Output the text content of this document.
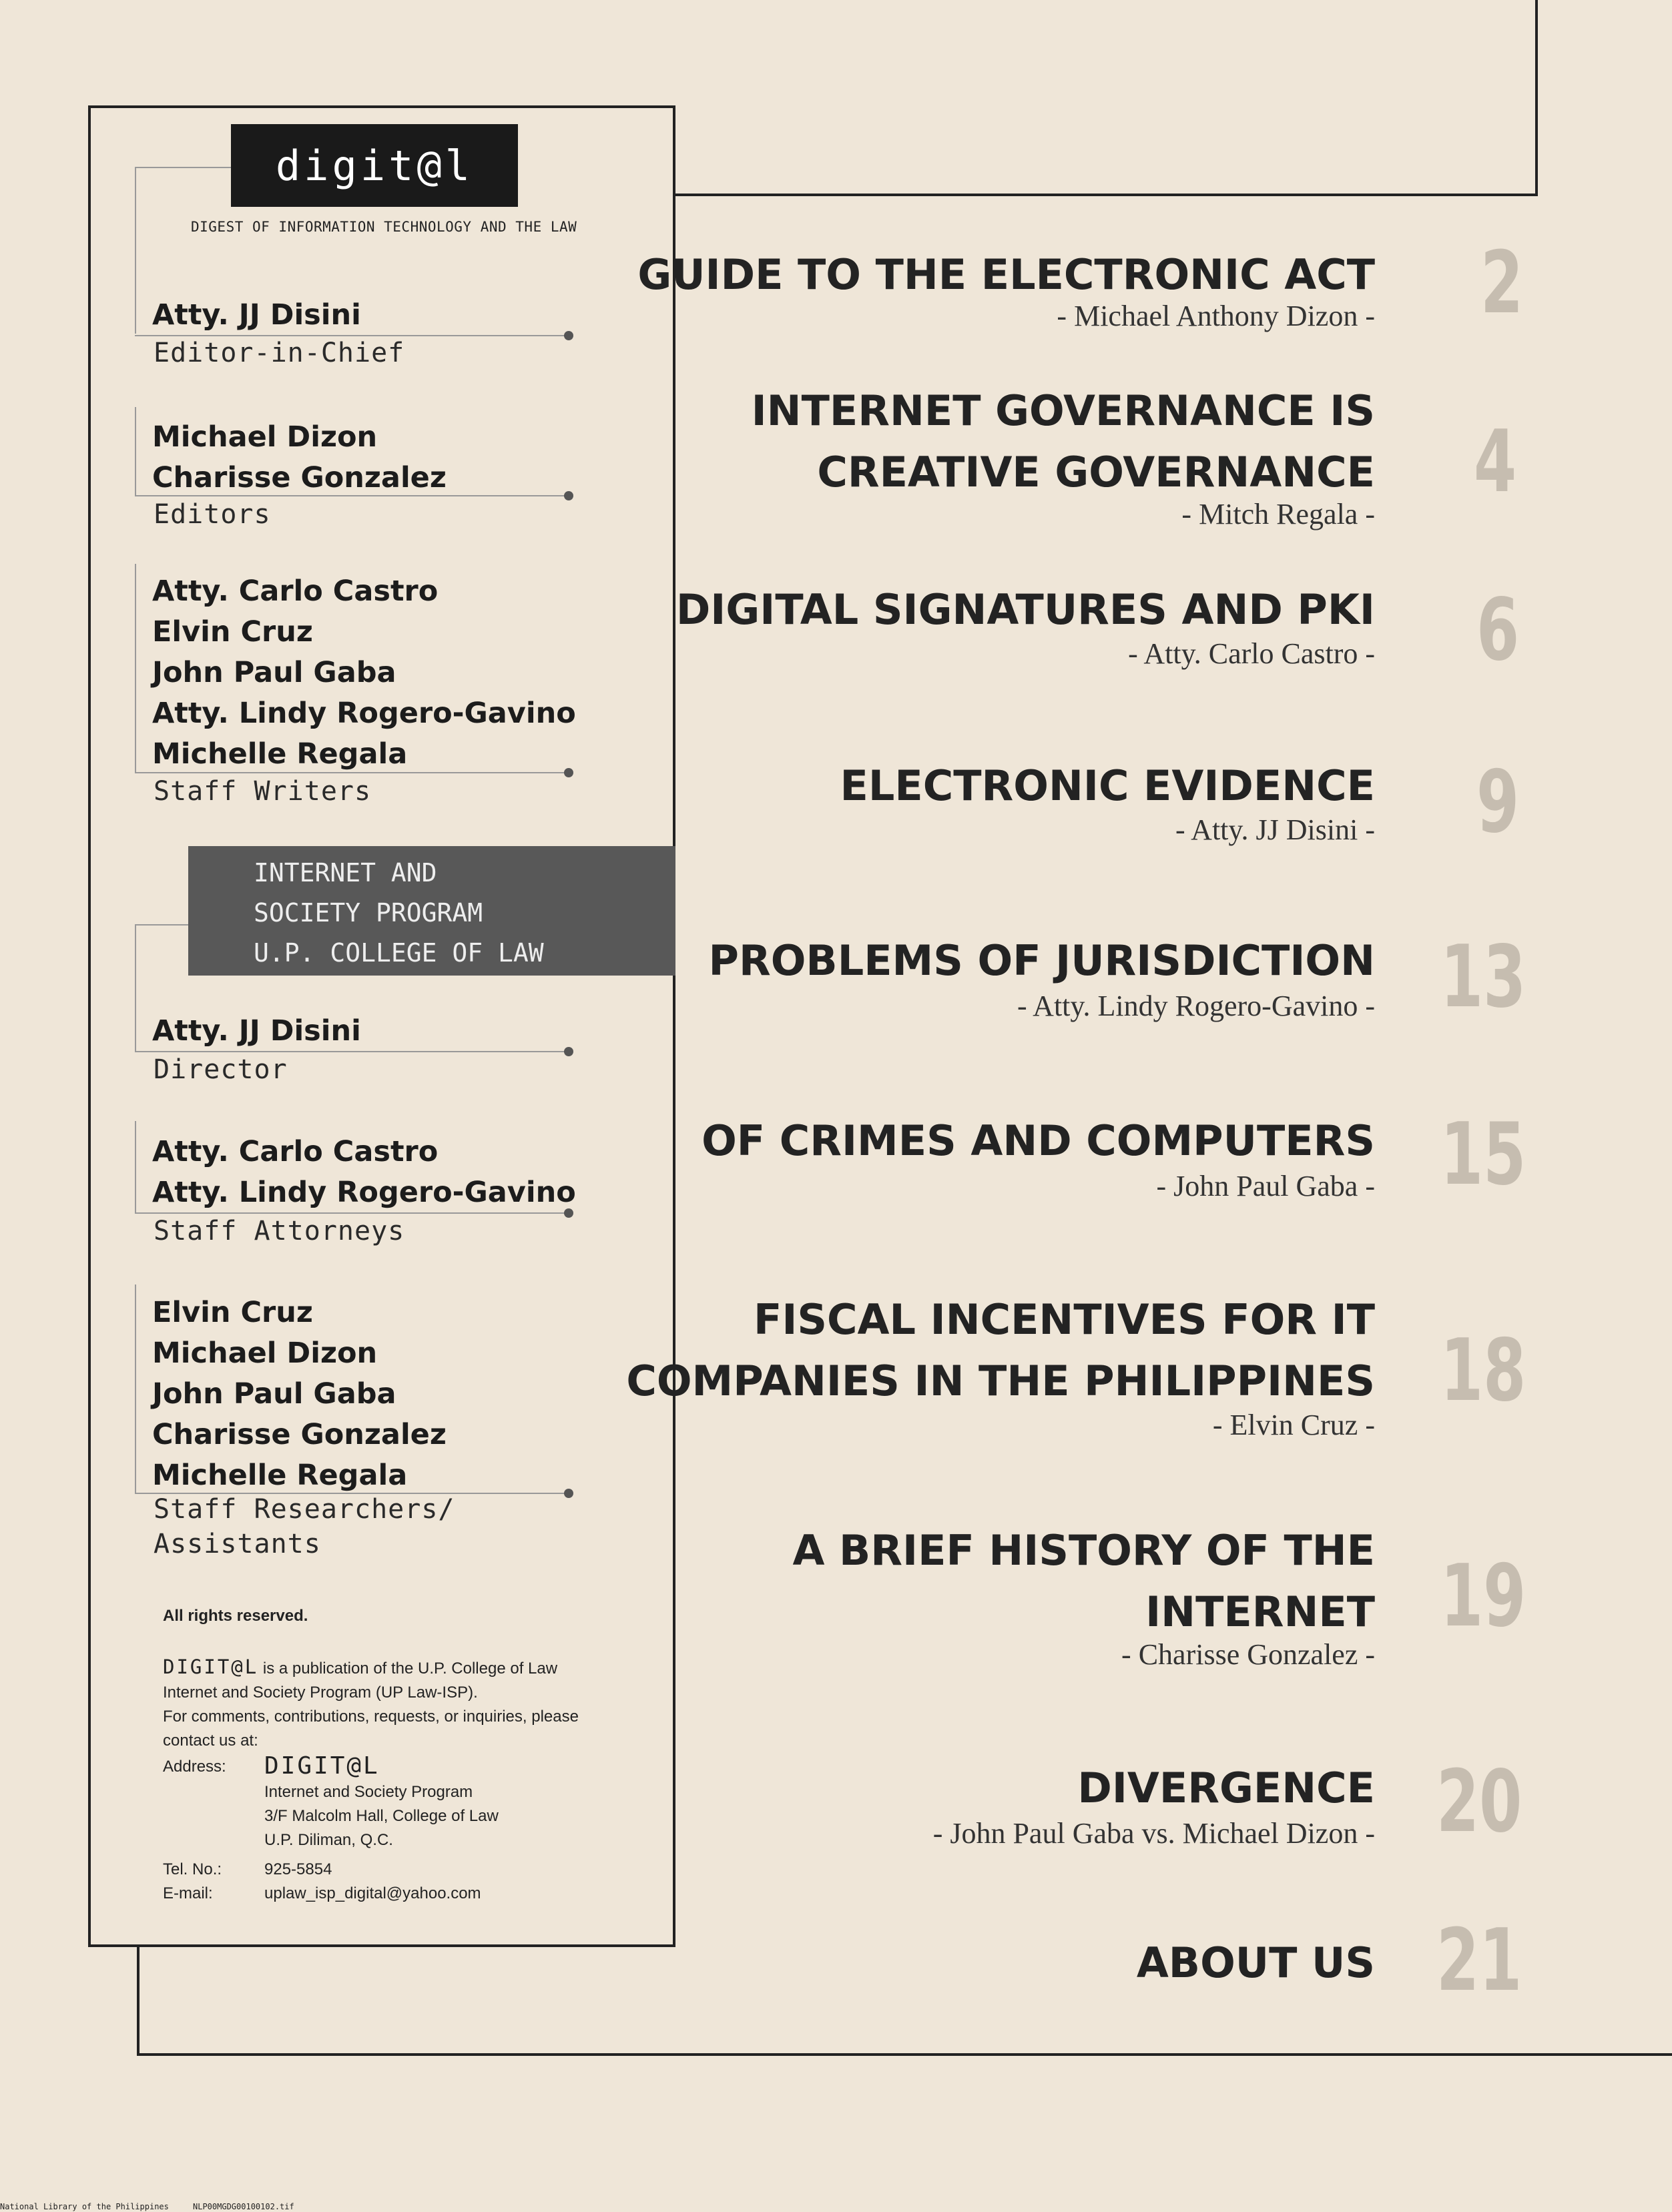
digit@l
DIGEST OF INFORMATION TECHNOLOGY AND THE LAW
Atty. JJ Disini
Editor-in-Chief
Michael Dizon
Charisse Gonzalez
Editors
Atty. Carlo Castro
Elvin Cruz
John Paul Gaba
Atty. Lindy Rogero-Gavino
Michelle Regala
Staff Writers
INTERNET AND
SOCIETY PROGRAM
U.P. COLLEGE OF LAW
Atty. JJ Disini
Director
Atty. Carlo Castro
Atty. Lindy Rogero-Gavino
Staff Attorneys
Elvin Cruz
Michael Dizon
John Paul Gaba
Charisse Gonzalez
Michelle Regala
Staff Researchers/
Assistants
All rights reserved.
DIGIT@L is a publication of the U.P. College of Law
Internet and Society Program (UP Law-ISP).
For comments, contributions, requests, or inquiries, please
contact us at:
Address: DIGIT@L
Internet and Society Program
3/F Malcolm Hall, College of Law
U.P. Diliman, Q.C.
Tel. No.:	925-5854
E-mail:	uplaw_isp_digital@yahoo.com
GUIDE TO THE ELECTRONIC ACT
- Michael Anthony Dizon - 2
INTERNET GOVERNANCE IS
CREATIVE GOVERNANCE
- Mitch Regala -
4
DIGITAL SIGNATURES AND PKI
- Atty. Carlo Castro - 6
ELECTRONIC EVIDENCE
- Atty. JJ Disini - 9
PROBLEMS OF JURISDICTION
- Atty. Lindy Rogero-Gavino - 13
OF CRIMES AND COMPUTERS
- John Paul Gaba - 15
FISCAL INCENTIVES FOR IT
COMPANIES IN THE PHILIPPINES
- Elvin Cruz -
18
A BRIEF HISTORY OF THE
INTERNET
- Charisse Gonzalez -
19
DIVERGENCE
- John Paul Gaba vs. Michael Dizon - 20
ABOUT US 21
National Library of the Philippines	NLP00MGDG00100102.tif
